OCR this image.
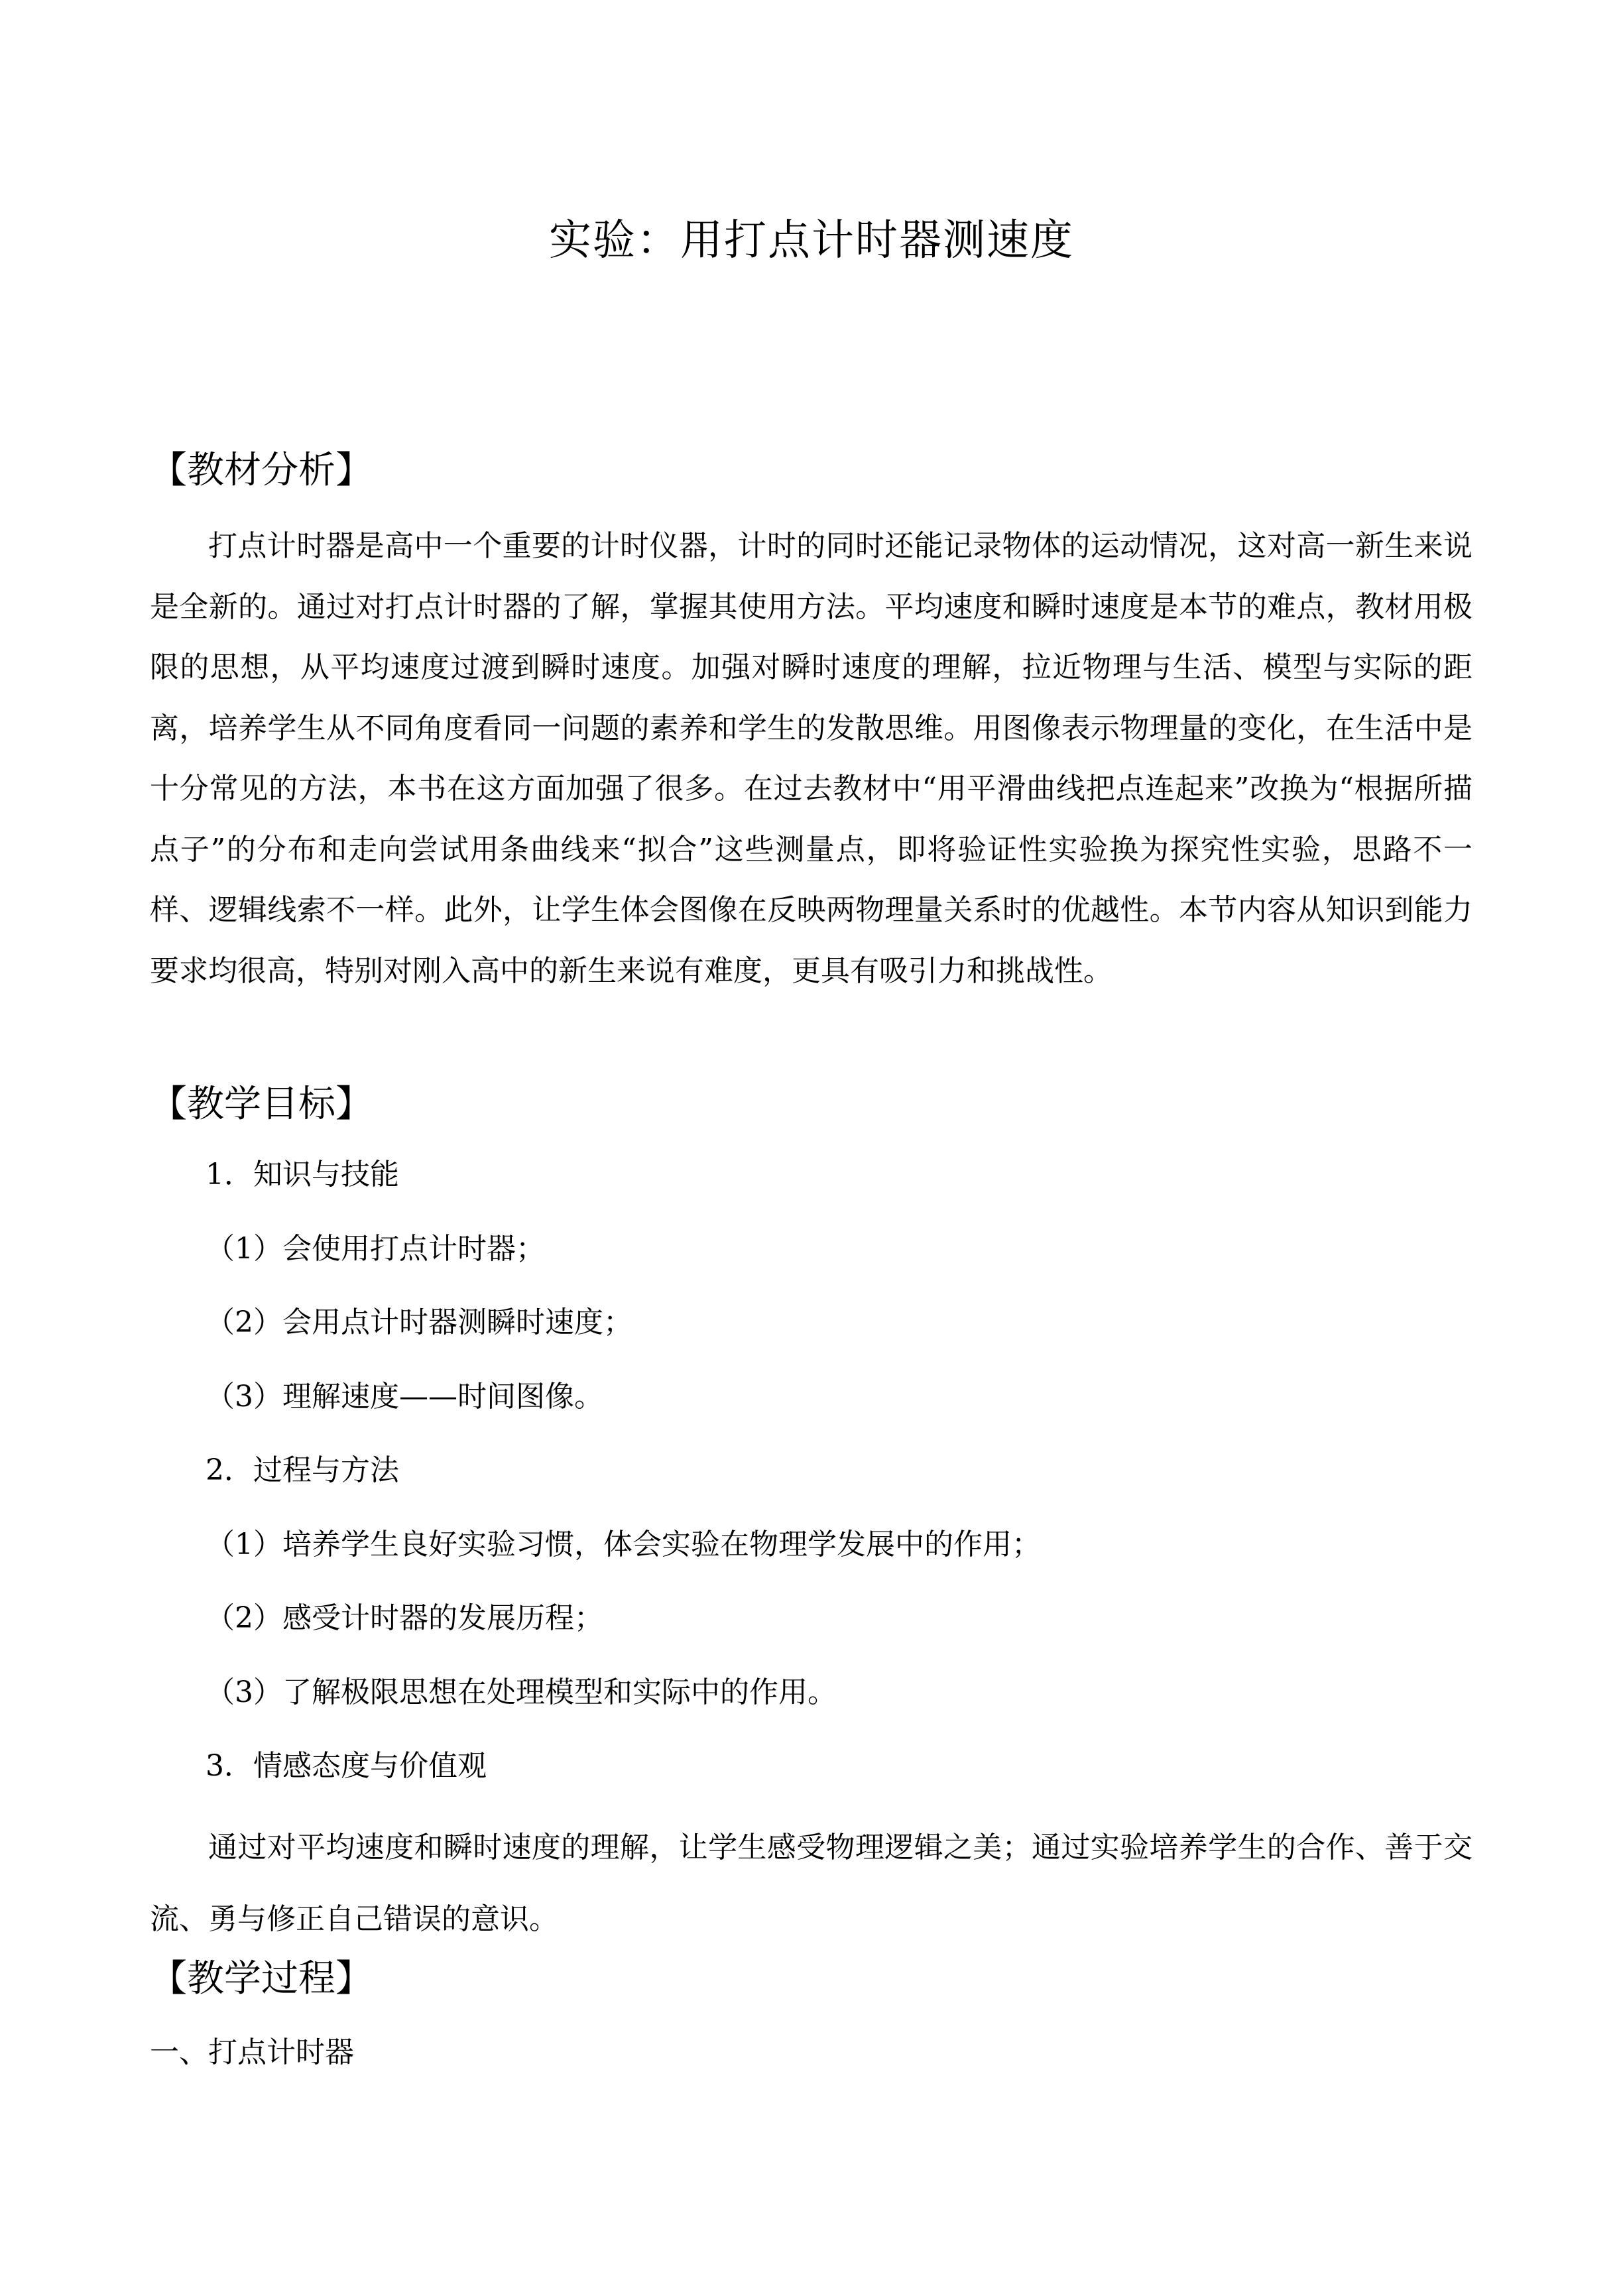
实验：用打点计时器测速度
【教材分析】
打点计时器是高中一个重要的计时仪器，计时的同时还能记录物体的运动情况，这对高一新生来说是全新的。通过对打点计时器的了解，掌握其使用方法。平均速度和瞬时速度是本节的难点，教材用极限的思想，从平均速度过渡到瞬时速度。加强对瞬时速度的理解，拉近物理与生活、模型与实际的距离，培养学生从不同角度看同一问题的素养和学生的发散思维。用图像表示物理量的变化，在生活中是十分常见的方法，本书在这方面加强了很多。在过去教材中“用平滑曲线把点连起来”改换为“根据所描点子”的分布和走向尝试用条曲线来“拟合”这些测量点，即将验证性实验换为探究性实验，思路不一样、逻辑线索不一样。此外，让学生体会图像在反映两物理量关系时的优越性。本节内容从知识到能力要求均很高，特别对刚入高中的新生来说有难度，更具有吸引力和挑战性。
【教学目标】
1．知识与技能
（1）会使用打点计时器；
（2）会用点计时器测瞬时速度；
（3）理解速度——时间图像。
2．过程与方法
（1）培养学生良好实验习惯，体会实验在物理学发展中的作用；
（2）感受计时器的发展历程；
（3）了解极限思想在处理模型和实际中的作用。
3．情感态度与价值观
通过对平均速度和瞬时速度的理解，让学生感受物理逻辑之美；通过实验培养学生的合作、善于交流、勇与修正自己错误的意识。
【教学过程】
一、打点计时器
